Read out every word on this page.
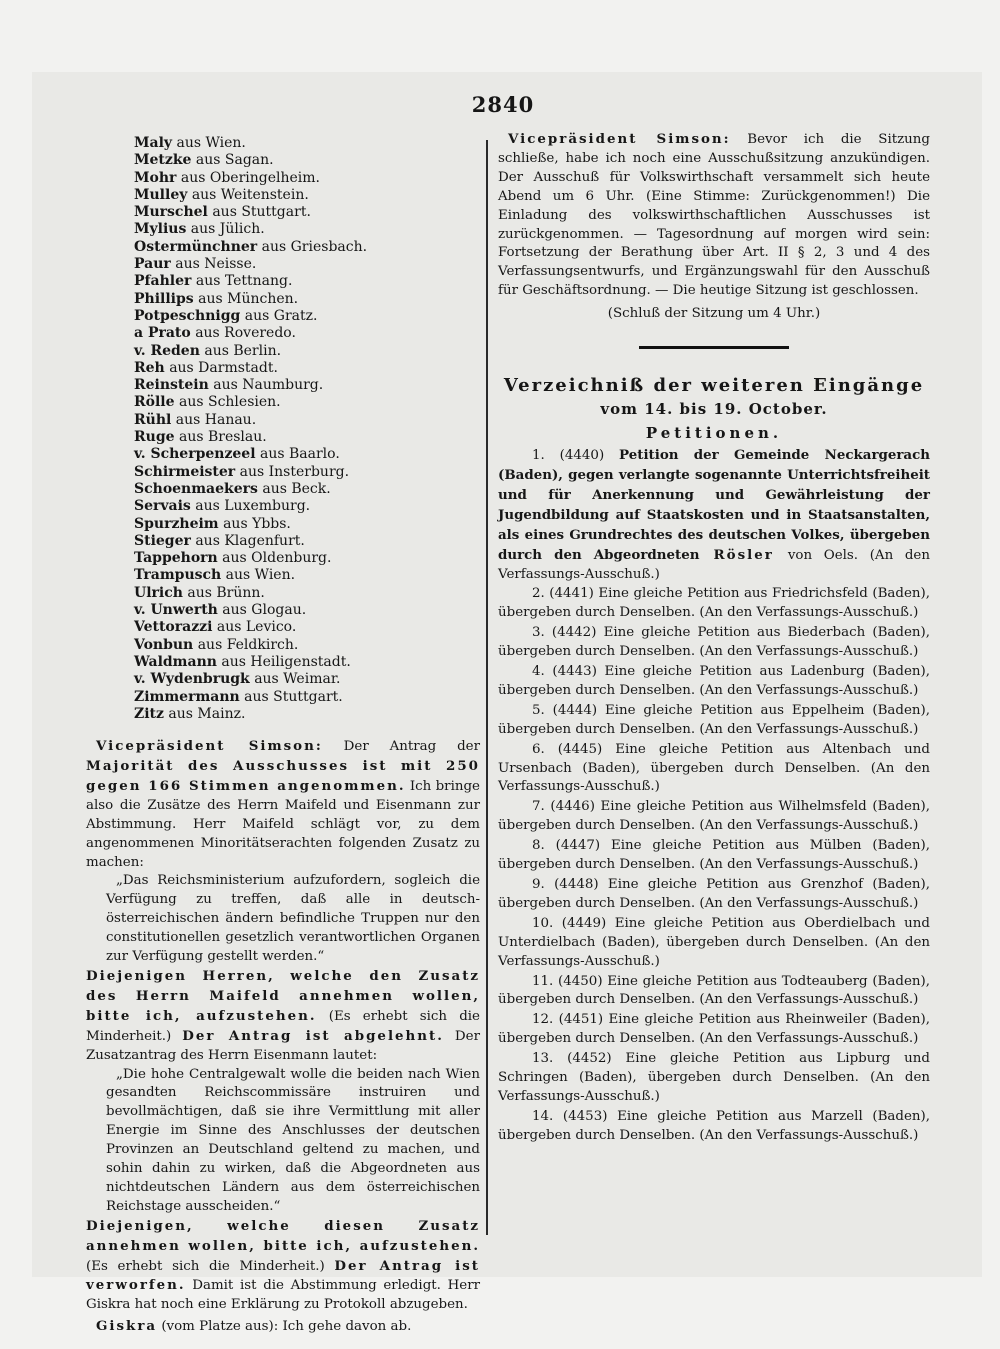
2840
Maly aus Wien.
Metzke aus Sagan.
Mohr aus Oberingelheim.
Mulley aus Weitenstein.
Murschel aus Stuttgart.
Mylius aus Jülich.
Ostermünchner aus Griesbach.
Paur aus Neisse.
Pfahler aus Tettnang.
Phillips aus München.
Potpeschnigg aus Gratz.
a Prato aus Roveredo.
v. Reden aus Berlin.
Reh aus Darmstadt.
Reinstein aus Naumburg.
Rölle aus Schlesien.
Rühl aus Hanau.
Ruge aus Breslau.
v. Scherpenzeel aus Baarlo.
Schirmeister aus Insterburg.
Schoenmaekers aus Beck.
Servais aus Luxemburg.
Spurzheim aus Ybbs.
Stieger aus Klagenfurt.
Tappehorn aus Oldenburg.
Trampusch aus Wien.
Ulrich aus Brünn.
v. Unwerth aus Glogau.
Vettorazzi aus Levico.
Vonbun aus Feldkirch.
Waldmann aus Heiligenstadt.
v. Wydenbrugk aus Weimar.
Zimmermann aus Stuttgart.
Zitz aus Mainz.

Vicepräsident Simson: Der Antrag der Majorität des Ausschusses ist mit 250 gegen 166 Stimmen angenommen. Ich bringe also die Zusätze des Herrn Maifeld und Eisenmann zur Abstimmung. Herr Maifeld schlägt vor, zu dem angenommenen Minoritätserachten folgenden Zusatz zu machen:

„Das Reichsministerium aufzufordern, sogleich die Verfügung zu treffen, daß alle in deutsch-österreichischen ändern befindliche Truppen nur den constitutionellen gesetzlich verantwortlichen Organen zur Verfügung gestellt werden.“

Diejenigen Herren, welche den Zusatz des Herrn Maifeld annehmen wollen, bitte ich, aufzustehen. (Es erhebt sich die Minderheit.) Der Antrag ist abgelehnt. Der Zusatzantrag des Herrn Eisenmann lautet:

„Die hohe Centralgewalt wolle die beiden nach Wien gesandten Reichscommissäre instruiren und bevollmächtigen, daß sie ihre Vermittlung mit aller Energie im Sinne des Anschlusses der deutschen Provinzen an Deutschland geltend zu machen, und sohin dahin zu wirken, daß die Abgeordneten aus nichtdeutschen Ländern aus dem österreichischen Reichstage ausscheiden.“

Diejenigen, welche diesen Zusatz annehmen wollen, bitte ich, aufzustehen. (Es erhebt sich die Minderheit.) Der Antrag ist verworfen. Damit ist die Abstimmung erledigt. Herr Giskra hat noch eine Erklärung zu Protokoll abzugeben.

Giskra (vom Platze aus): Ich gehe davon ab.

Vicepräsident Simson: Bevor ich die Sitzung schließe, habe ich noch eine Ausschußsitzung anzukündigen. Der Ausschuß für Volkswirthschaft versammelt sich heute Abend um 6 Uhr. (Eine Stimme: Zurückgenommen!) Die Einladung des volkswirthschaftlichen Ausschusses ist zurückgenommen. — Tagesordnung auf morgen wird sein: Fortsetzung der Berathung über Art. II § 2, 3 und 4 des Verfassungsentwurfs, und Ergänzungswahl für den Ausschuß für Geschäftsordnung. — Die heutige Sitzung ist geschlossen.

(Schluß der Sitzung um 4 Uhr.)

Verzeichniß der weiteren Eingänge

vom 14. bis 19. October.

Petitionen.

1. (4440) Petition der Gemeinde Neckargerach (Baden), gegen verlangte sogenannte Unterrichtsfreiheit und für Anerkennung und Gewährleistung der Jugendbildung auf Staatskosten und in Staatsanstalten, als eines Grundrechtes des deutschen Volkes, übergeben durch den Abgeordneten Rösler von Oels. (An den Verfassungs-Ausschuß.)

2. (4441) Eine gleiche Petition aus Friedrichsfeld (Baden), übergeben durch Denselben. (An den Verfassungs-Ausschuß.)

3. (4442) Eine gleiche Petition aus Biederbach (Baden), übergeben durch Denselben. (An den Verfassungs-Ausschuß.)

4. (4443) Eine gleiche Petition aus Ladenburg (Baden), übergeben durch Denselben. (An den Verfassungs-Ausschuß.)

5. (4444) Eine gleiche Petition aus Eppelheim (Baden), übergeben durch Denselben. (An den Verfassungs-Ausschuß.)

6. (4445) Eine gleiche Petition aus Altenbach und Ursenbach (Baden), übergeben durch Denselben. (An den Verfassungs-Ausschuß.)

7. (4446) Eine gleiche Petition aus Wilhelmsfeld (Baden), übergeben durch Denselben. (An den Verfassungs-Ausschuß.)

8. (4447) Eine gleiche Petition aus Mülben (Baden), übergeben durch Denselben. (An den Verfassungs-Ausschuß.)

9. (4448) Eine gleiche Petition aus Grenzhof (Baden), übergeben durch Denselben. (An den Verfassungs-Ausschuß.)

10. (4449) Eine gleiche Petition aus Oberdielbach und Unterdielbach (Baden), übergeben durch Denselben. (An den Verfassungs-Ausschuß.)

11. (4450) Eine gleiche Petition aus Todteauberg (Baden), übergeben durch Denselben. (An den Verfassungs-Ausschuß.)

12. (4451) Eine gleiche Petition aus Rheinweiler (Baden), übergeben durch Denselben. (An den Verfassungs-Ausschuß.)

13. (4452) Eine gleiche Petition aus Lipburg und Schringen (Baden), übergeben durch Denselben. (An den Verfassungs-Ausschuß.)

14. (4453) Eine gleiche Petition aus Marzell (Baden), übergeben durch Denselben. (An den Verfassungs-Ausschuß.)
